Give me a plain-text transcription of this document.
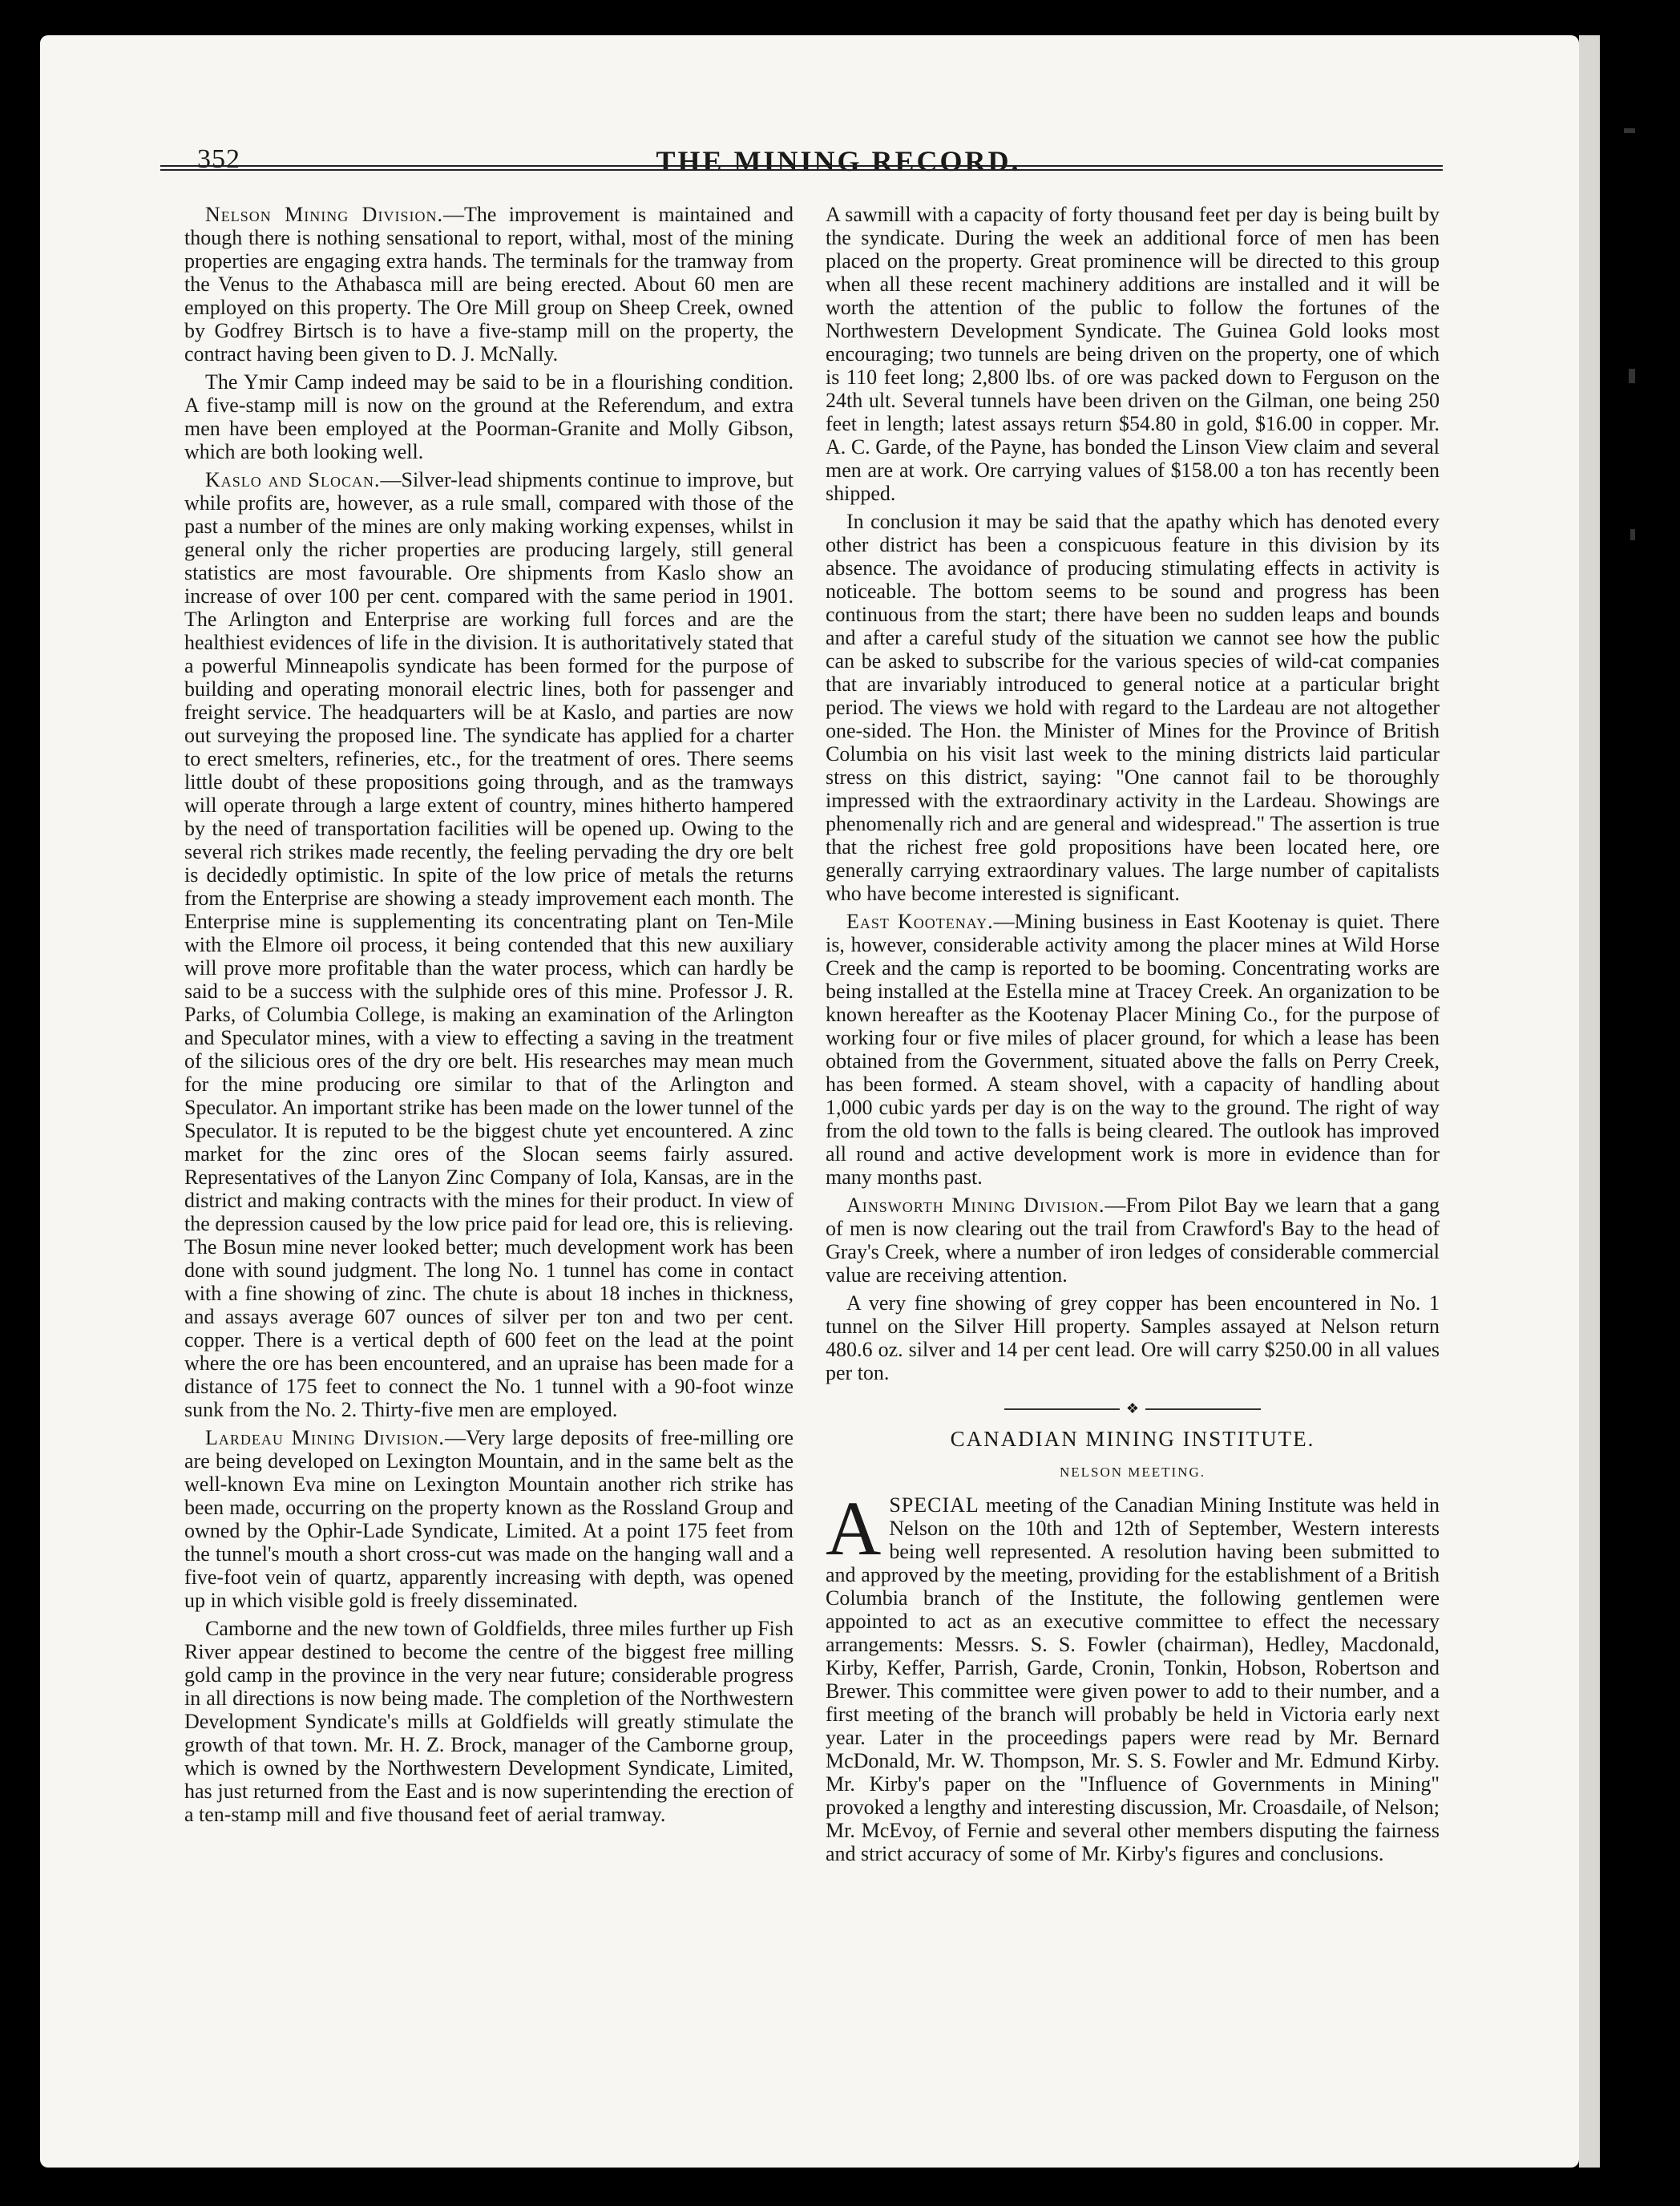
352	THE MINING RECORD.

Nelson Mining Division.—The improvement is maintained and though there is nothing sensational to report, withal, most of the mining properties are engaging extra hands. The terminals for the tramway from the Venus to the Athabasca mill are being erected. About 60 men are employed on this property. The Ore Mill group on Sheep Creek, owned by Godfrey Birtsch is to have a five-stamp mill on the property, the contract having been given to D. J. McNally.

The Ymir Camp indeed may be said to be in a flourishing condition. A five-stamp mill is now on the ground at the Referendum, and extra men have been employed at the Poorman-Granite and Molly Gibson, which are both looking well.

Kaslo and Slocan.—Silver-lead shipments continue to improve, but while profits are, however, as a rule small, compared with those of the past a number of the mines are only making working expenses, whilst in general only the richer properties are producing largely, still general statistics are most favourable. Ore shipments from Kaslo show an increase of over 100 per cent. compared with the same period in 1901. The Arlington and Enterprise are working full forces and are the healthiest evidences of life in the division. It is authoritatively stated that a powerful Minneapolis syndicate has been formed for the purpose of building and operating monorail electric lines, both for passenger and freight service. The headquarters will be at Kaslo, and parties are now out surveying the proposed line. The syndicate has applied for a charter to erect smelters, refineries, etc., for the treatment of ores. There seems little doubt of these propositions going through, and as the tramways will operate through a large extent of country, mines hitherto hampered by the need of transportation facilities will be opened up. Owing to the several rich strikes made recently, the feeling pervading the dry ore belt is decidedly optimistic. In spite of the low price of metals the returns from the Enterprise are showing a steady improvement each month. The Enterprise mine is supplementing its concentrating plant on Ten-Mile with the Elmore oil process, it being contended that this new auxiliary will prove more profitable than the water process, which can hardly be said to be a success with the sulphide ores of this mine. Professor J. R. Parks, of Columbia College, is making an examination of the Arlington and Speculator mines, with a view to effecting a saving in the treatment of the silicious ores of the dry ore belt. His researches may mean much for the mine producing ore similar to that of the Arlington and Speculator. An important strike has been made on the lower tunnel of the Speculator. It is reputed to be the biggest chute yet encountered. A zinc market for the zinc ores of the Slocan seems fairly assured. Representatives of the Lanyon Zinc Company of Iola, Kansas, are in the district and making contracts with the mines for their product. In view of the depression caused by the low price paid for lead ore, this is relieving. The Bosun mine never looked better; much development work has been done with sound judgment. The long No. 1 tunnel has come in contact with a fine showing of zinc. The chute is about 18 inches in thickness, and assays average 607 ounces of silver per ton and two per cent. copper. There is a vertical depth of 600 feet on the lead at the point where the ore has been encountered, and an upraise has been made for a distance of 175 feet to connect the No. 1 tunnel with a 90-foot winze sunk from the No. 2. Thirty-five men are employed.

Lardeau Mining Division.—Very large deposits of free-milling ore are being developed on Lexington Mountain, and in the same belt as the well-known Eva mine on Lexington Mountain another rich strike has been made, occurring on the property known as the Rossland Group and owned by the Ophir-Lade Syndicate, Limited. At a point 175 feet from the tunnel's mouth a short cross-cut was made on the hanging wall and a five-foot vein of quartz, apparently increasing with depth, was opened up in which visible gold is freely disseminated.

Camborne and the new town of Goldfields, three miles further up Fish River appear destined to become the centre of the biggest free milling gold camp in the province in the very near future; considerable progress in all directions is now being made. The completion of the Northwestern Development Syndicate's mills at Goldfields will greatly stimulate the growth of that town. Mr. H. Z. Brock, manager of the Camborne group, which is owned by the Northwestern Development Syndicate, Limited, has just returned from the East and is now superintending the erection of a ten-stamp mill and five thousand feet of aerial tramway.

A sawmill with a capacity of forty thousand feet per day is being built by the syndicate. During the week an additional force of men has been placed on the property. Great prominence will be directed to this group when all these recent machinery additions are installed and it will be worth the attention of the public to follow the fortunes of the Northwestern Development Syndicate. The Guinea Gold looks most encouraging; two tunnels are being driven on the property, one of which is 110 feet long; 2,800 lbs. of ore was packed down to Ferguson on the 24th ult. Several tunnels have been driven on the Gilman, one being 250 feet in length; latest assays return $54.80 in gold, $16.00 in copper. Mr. A. C. Garde, of the Payne, has bonded the Linson View claim and several men are at work. Ore carrying values of $158.00 a ton has recently been shipped.

In conclusion it may be said that the apathy which has denoted every other district has been a conspicuous feature in this division by its absence. The avoidance of producing stimulating effects in activity is noticeable. The bottom seems to be sound and progress has been continuous from the start; there have been no sudden leaps and bounds and after a careful study of the situation we cannot see how the public can be asked to subscribe for the various species of wild-cat companies that are invariably introduced to general notice at a particular bright period. The views we hold with regard to the Lardeau are not altogether one-sided. The Hon. the Minister of Mines for the Province of British Columbia on his visit last week to the mining districts laid particular stress on this district, saying: "One cannot fail to be thoroughly impressed with the extraordinary activity in the Lardeau. Showings are phenomenally rich and are general and widespread." The assertion is true that the richest free gold propositions have been located here, ore generally carrying extraordinary values. The large number of capitalists who have become interested is significant.

East Kootenay.—Mining business in East Kootenay is quiet. There is, however, considerable activity among the placer mines at Wild Horse Creek and the camp is reported to be booming. Concentrating works are being installed at the Estella mine at Tracey Creek. An organization to be known hereafter as the Kootenay Placer Mining Co., for the purpose of working four or five miles of placer ground, for which a lease has been obtained from the Government, situated above the falls on Perry Creek, has been formed. A steam shovel, with a capacity of handling about 1,000 cubic yards per day is on the way to the ground. The right of way from the old town to the falls is being cleared. The outlook has improved all round and active development work is more in evidence than for many months past.

Ainsworth Mining Division.—From Pilot Bay we learn that a gang of men is now clearing out the trail from Crawford's Bay to the head of Gray's Creek, where a number of iron ledges of considerable commercial value are receiving attention.

A very fine showing of grey copper has been encountered in No. 1 tunnel on the Silver Hill property. Samples assayed at Nelson return 480.6 oz. silver and 14 per cent lead. Ore will carry $250.00 in all values per ton.

❖
CANADIAN MINING INSTITUTE.
NELSON MEETING.

ASPECIAL meeting of the Canadian Mining Institute was held in Nelson on the 10th and 12th of September, Western interests being well represented. A resolution having been submitted to and approved by the meeting, providing for the establishment of a British Columbia branch of the Institute, the following gentlemen were appointed to act as an executive committee to effect the necessary arrangements: Messrs. S. S. Fowler (chairman), Hedley, Macdonald, Kirby, Keffer, Parrish, Garde, Cronin, Tonkin, Hobson, Robertson and Brewer. This committee were given power to add to their number, and a first meeting of the branch will probably be held in Victoria early next year. Later in the proceedings papers were read by Mr. Bernard McDonald, Mr. W. Thompson, Mr. S. S. Fowler and Mr. Edmund Kirby. Mr. Kirby's paper on the "Influence of Governments in Mining" provoked a lengthy and interesting discussion, Mr. Croasdaile, of Nelson; Mr. McEvoy, of Fernie and several other members disputing the fairness and strict accuracy of some of Mr. Kirby's figures and conclusions.
